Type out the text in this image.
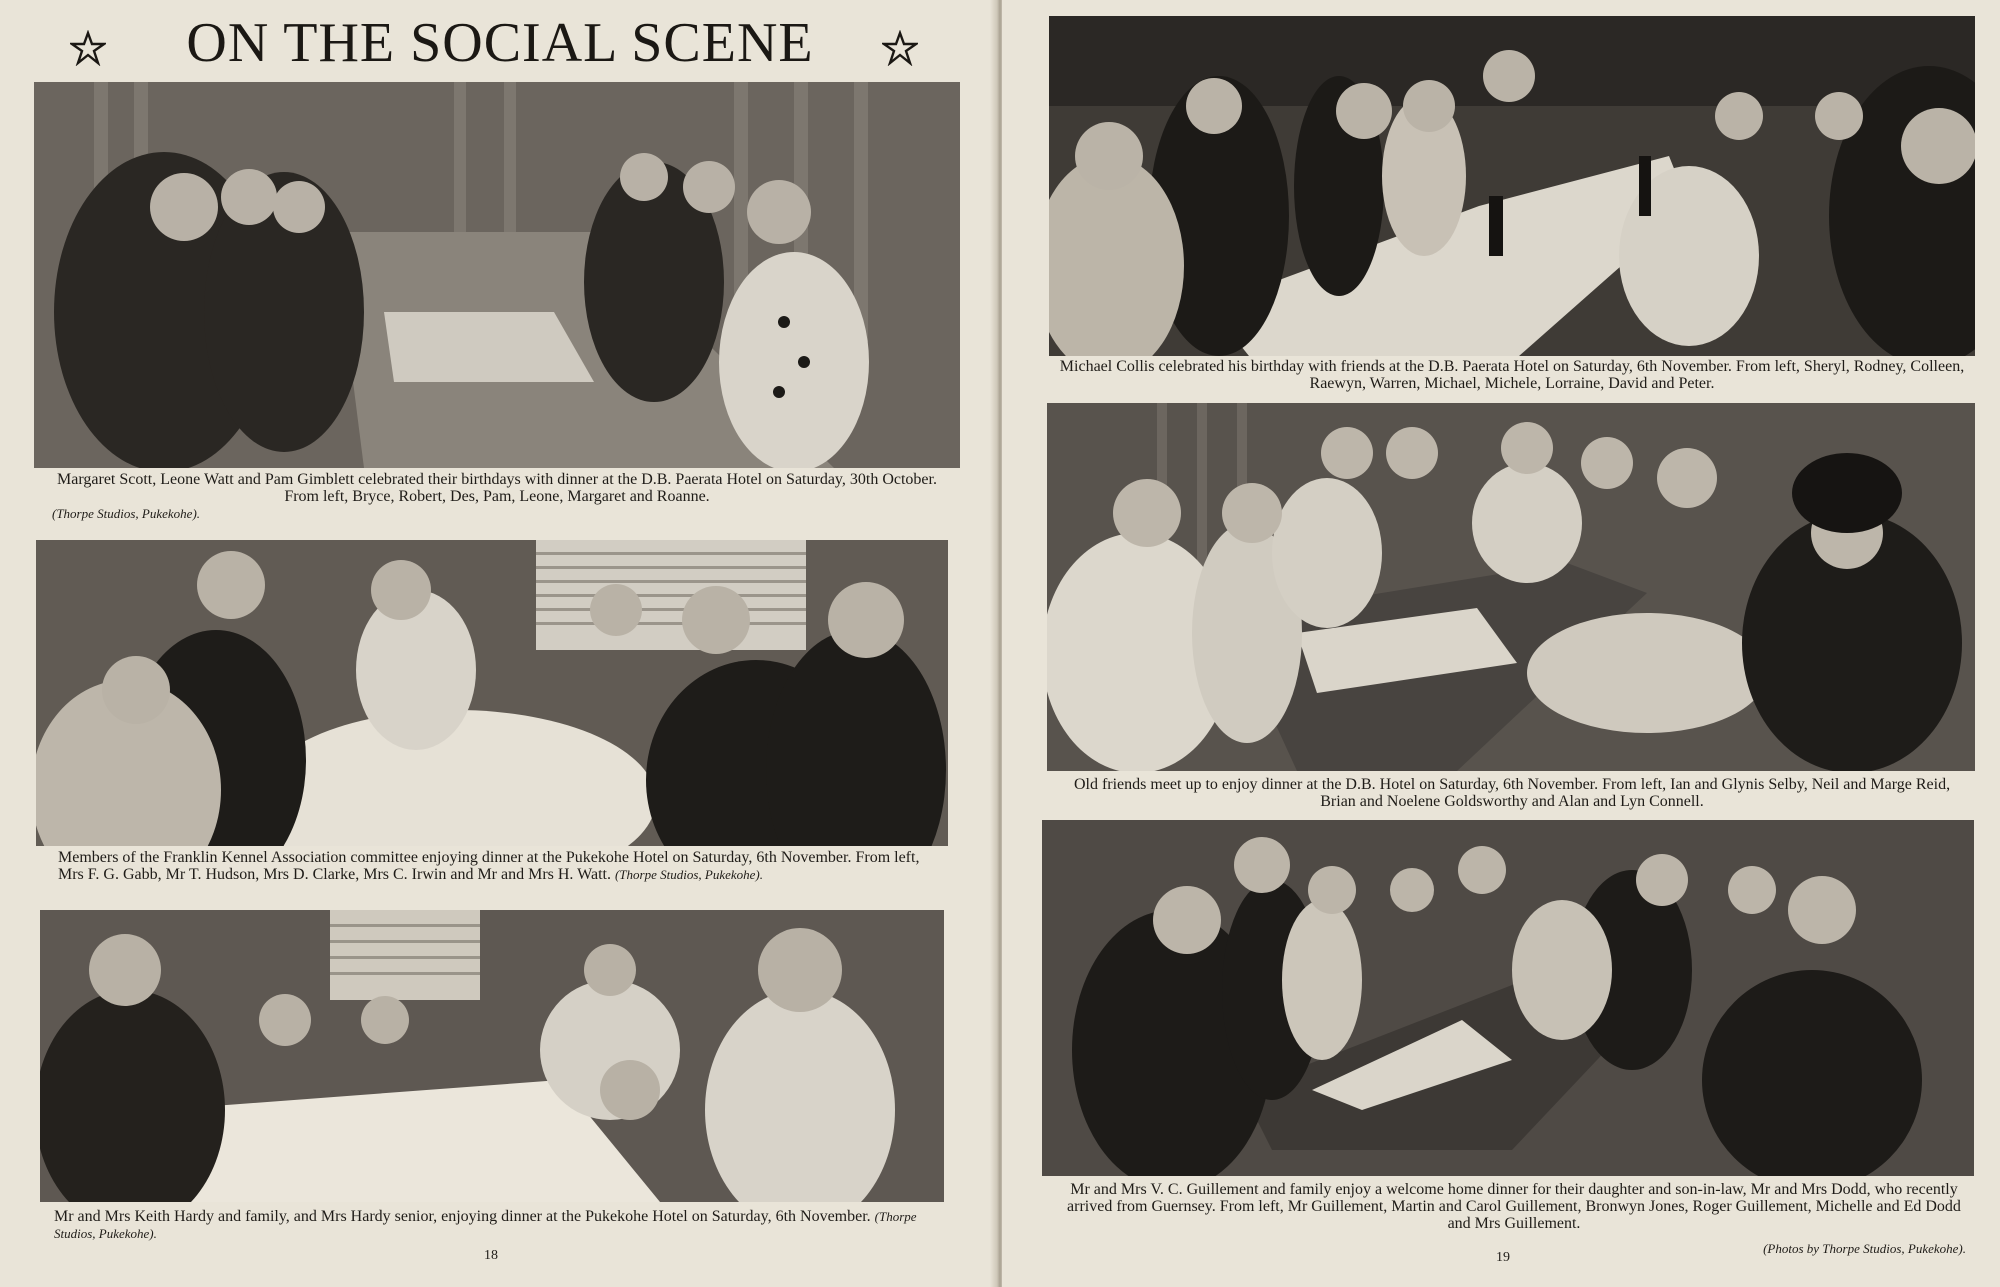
ON THE SOCIAL SCENE
Margaret Scott, Leone Watt and Pam Gimblett celebrated their birthdays with dinner at the D.B. Paerata Hotel on Saturday, 30th October. From left, Bryce, Robert, Des, Pam, Leone, Margaret and Roanne.

(Thorpe Studios, Pukekohe).
Members of the Franklin Kennel Association committee enjoying dinner at the Pukekohe Hotel on Saturday, 6th November. From left, Mrs F. G. Gabb, Mr T. Hudson, Mrs D. Clarke, Mrs C. Irwin and Mr and Mrs H. Watt. (Thorpe Studios, Pukekohe).
Mr and Mrs Keith Hardy and family, and Mrs Hardy senior, enjoying dinner at the Pukekohe Hotel on Saturday, 6th November. (Thorpe Studios, Pukekohe).
18
Michael Collis celebrated his birthday with friends at the D.B. Paerata Hotel on Saturday, 6th November. From left, Sheryl, Rodney, Colleen, Raewyn, Warren, Michael, Michele, Lorraine, David and Peter.
Old friends meet up to enjoy dinner at the D.B. Hotel on Saturday, 6th November. From left, Ian and Glynis Selby, Neil and Marge Reid, Brian and Noelene Goldsworthy and Alan and Lyn Connell.
Mr and Mrs V. C. Guillement and family enjoy a welcome home dinner for their daughter and son-in-law, Mr and Mrs Dodd, who recently arrived from Guernsey. From left, Mr Guillement, Martin and Carol Guillement, Bronwyn Jones, Roger Guillement, Michelle and Ed Dodd and Mrs Guillement.
19
(Photos by Thorpe Studios, Pukekohe).
